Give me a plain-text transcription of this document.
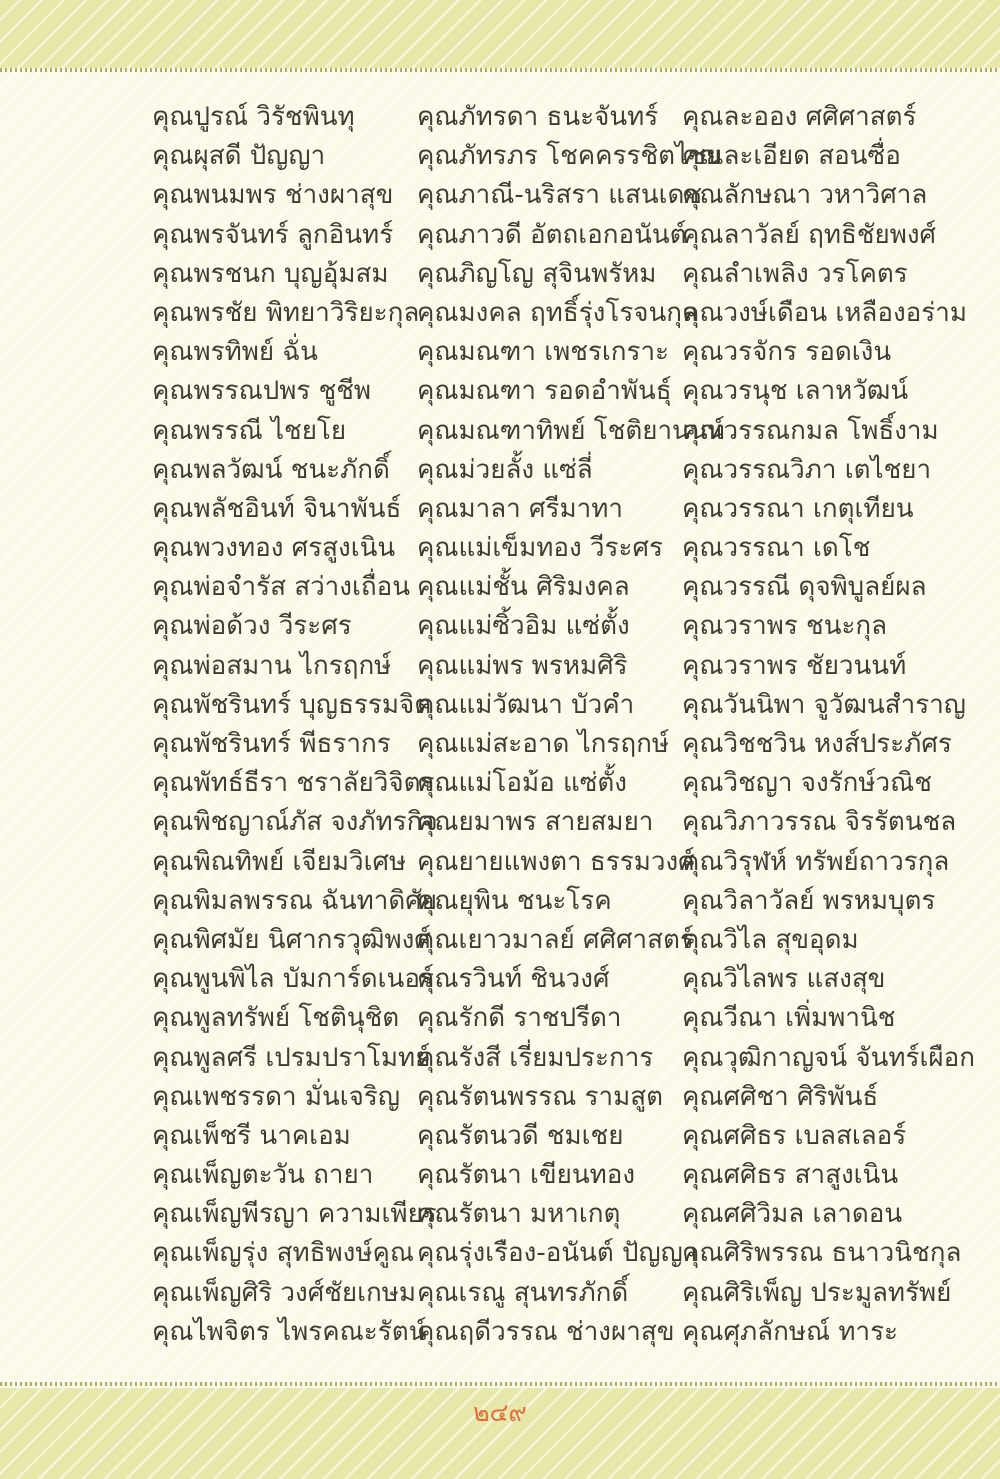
คุณปูรณ์ วิรัชพินทุ
คุณผุสดี ปัญญา
คุณพนมพร ช่างผาสุข
คุณพรจันทร์ ลูกอินทร์
คุณพรชนก บุญอุ้มสม
คุณพรชัย พิทยาวิริยะกุล
คุณพรทิพย์ ฉั่น
คุณพรรณปพร ชูชีพ
คุณพรรณี ไชยโย
คุณพลวัฒน์ ชนะภักดิ์
คุณพลัชอินท์ จินาพันธ์
คุณพวงทอง ศรสูงเนิน
คุณพ่อจำรัส สว่างเถื่อน
คุณพ่อด้วง วีระศร
คุณพ่อสมาน ไกรฤกษ์
คุณพัชรินทร์ บุญธรรมจิต
คุณพัชรินทร์ พีธรากร
คุณพัทธ์ธีรา ชราลัยวิจิตร
คุณพิชญาณ์ภัส จงภัทรกิจ
คุณพิณทิพย์ เจียมวิเศษ
คุณพิมลพรรณ ฉันทาดิศัย
คุณพิศมัย นิศากรวุฒิพงศ์
คุณพูนพิไล บัมการ์ดเนอร์
คุณพูลทรัพย์ โชตินุชิต
คุณพูลศรี เปรมปราโมทย์
คุณเพชรรดา มั่นเจริญ
คุณเพ็ชรี นาคเอม
คุณเพ็ญตะวัน ถายา
คุณเพ็ญพีรญา ความเพียร
คุณเพ็ญรุ่ง สุทธิพงษ์คูณ
คุณเพ็ญศิริ วงศ์ชัยเกษม
คุณไพจิตร ไพรคณะรัตน์
คุณภัทรดา ธนะจันทร์
คุณภัทรภร โชคครรชิตไชย
คุณภาณี-นริสรา แสนเดช
คุณภาวดี อัตถเอกอนันต์
คุณภิญโญ สุจินพรัหม
คุณมงคล ฤทธิ์รุ่งโรจนกุล
คุณมณฑา เพชรเกราะ
คุณมณฑา รอดอำพันธุ์
คุณมณฑาทิพย์ โชติยานนท์
คุณม่วยลั้ง แซ่ลี่
คุณมาลา ศรีมาทา
คุณแม่เข็มทอง วีระศร
คุณแม่ชั้น ศิริมงคล
คุณแม่ซิ้วอิม แซ่ตั้ง
คุณแม่พร พรหมศิริ
คุณแม่วัฒนา บัวคำ
คุณแม่สะอาด ไกรฤกษ์
คุณแม่โอม้อ แซ่ตั้ง
คุณยมาพร สายสมยา
คุณยายแพงตา ธรรมวงศ์
คุณยุพิน ชนะโรค
คุณเยาวมาลย์ ศศิศาสตร์
คุณรวินท์ ชินวงศ์
คุณรักดี ราชปรีดา
คุณรังสี เรี่ยมประการ
คุณรัตนพรรณ รามสูต
คุณรัตนวดี ชมเชย
คุณรัตนา เขียนทอง
คุณรัตนา มหาเกตุ
คุณรุ่งเรือง-อนันต์ ปัญญา
คุณเรณู สุนทรภักดิ์
คุณฤดีวรรณ ช่างผาสุข
คุณละออง ศศิศาสตร์
คุณละเอียด สอนซื่อ
คุณลักษณา วหาวิศาล
คุณลาวัลย์ ฤทธิชัยพงศ์
คุณลำเพลิง วรโคตร
คุณวงษ์เดือน เหลืองอร่าม
คุณวรจักร รอดเงิน
คุณวรนุช เลาหวัฒน์
คุณวรรณกมล โพธิ์งาม
คุณวรรณวิภา เตไชยา
คุณวรรณา เกตุเทียน
คุณวรรณา เดโช
คุณวรรณี ดุจพิบูลย์ผล
คุณวราพร ชนะกุล
คุณวราพร ชัยวนนท์
คุณวันนิพา จูวัฒนสำราญ
คุณวิชชวิน หงส์ประภัศร
คุณวิชญา จงรักษ์วณิช
คุณวิภาวรรณ จิรรัตนชล
คุณวิรุฬห์ ทรัพย์ถาวรกุล
คุณวิลาวัลย์ พรหมบุตร
คุณวิไล สุขอุดม
คุณวิไลพร แสงสุข
คุณวีณา เพิ่มพานิช
คุณวุฒิกาญจน์ จันทร์เผือก
คุณศศิชา ศิริพันธ์
คุณศศิธร เบลสเลอร์
คุณศศิธร สาสูงเนิน
คุณศศิวิมล เลาดอน
คุณศิริพรรณ ธนาวนิชกุล
คุณศิริเพ็ญ ประมูลทรัพย์
คุณศุภลักษณ์ ทาระ
๒๔๙
